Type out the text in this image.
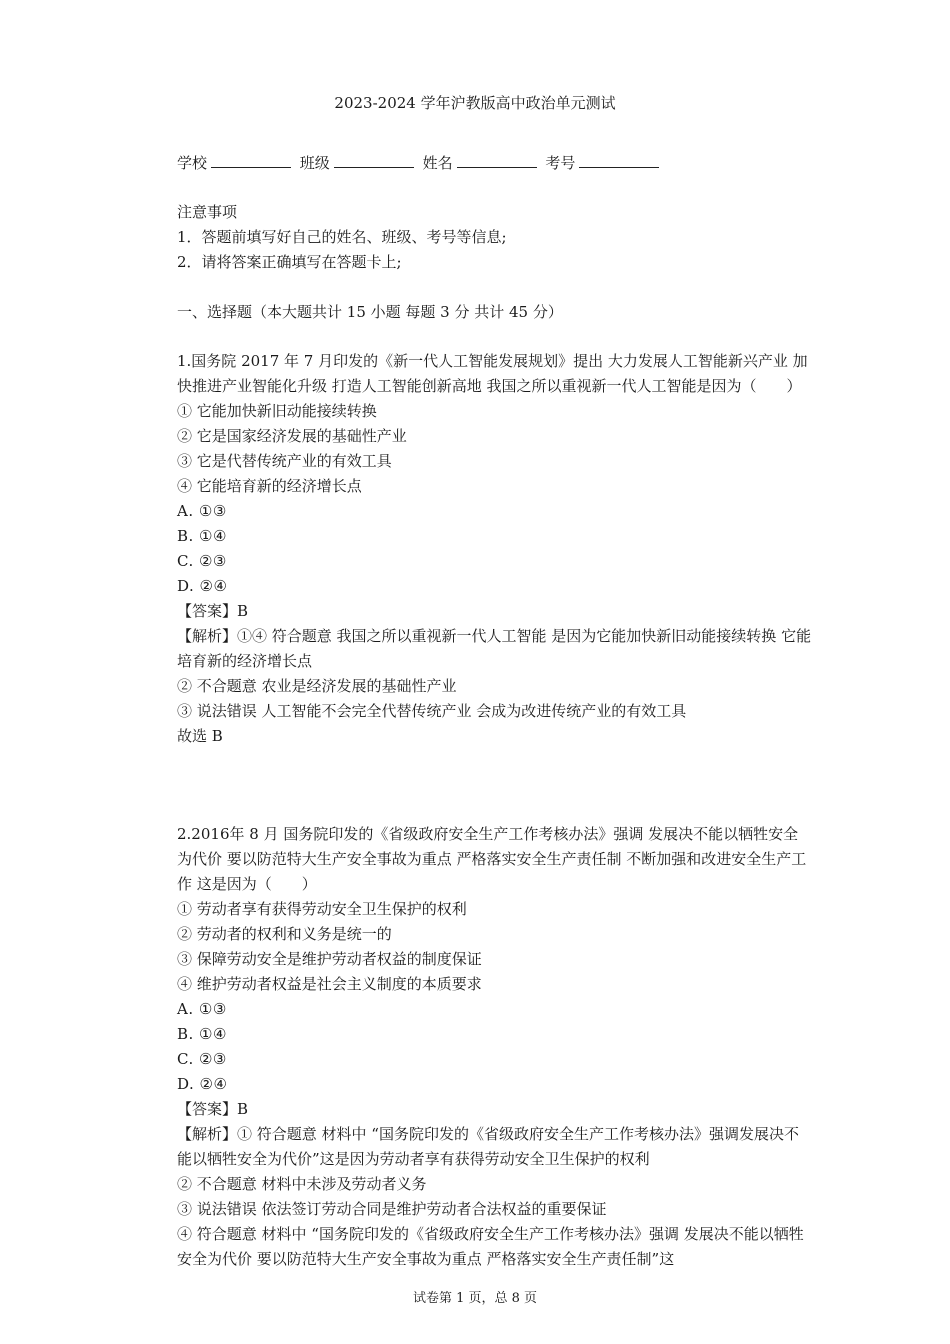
2023-2024 学年沪教版高中政治单元测试
学校	班级	姓名	考号

注意事项

1．答题前填写好自己的姓名、班级、考号等信息;

2．请将答案正确填写在答题卡上;

一、选择题（本大题共计 15 小题 每题 3 分 共计 45 分）

1.国务院 2017 年 7 月印发的《新一代人工智能发展规划》提出 大力发展人工智能新兴产业 加快推进产业智能化升级 打造人工智能创新高地 我国之所以重视新一代人工智能是因为（　　）

① 它能加快新旧动能接续转换

② 它是国家经济发展的基础性产业

③ 它是代替传统产业的有效工具

④ 它能培育新的经济增长点

A. ①③

B. ①④

C. ②③

D. ②④

【答案】B

【解析】①④ 符合题意 我国之所以重视新一代人工智能 是因为它能加快新旧动能接续转换 它能培育新的经济增长点

② 不合题意 农业是经济发展的基础性产业

③ 说法错误 人工智能不会完全代替传统产业 会成为改进传统产业的有效工具

故选 B

2.2016年 8 月 国务院印发的《省级政府安全生产工作考核办法》强调 发展决不能以牺牲安全为代价 要以防范特大生产安全事故为重点 严格落实安全生产责任制 不断加强和改进安全生产工作 这是因为（　　）

① 劳动者享有获得劳动安全卫生保护的权利

② 劳动者的权利和义务是统一的

③ 保障劳动安全是维护劳动者权益的制度保证

④ 维护劳动者权益是社会主义制度的本质要求

A. ①③

B. ①④

C. ②③

D. ②④

【答案】B

【解析】① 符合题意 材料中 “国务院印发的《省级政府安全生产工作考核办法》强调发展决不能以牺牲安全为代价”这是因为劳动者享有获得劳动安全卫生保护的权利

② 不合题意 材料中未涉及劳动者义务

③ 说法错误 依法签订劳动合同是维护劳动者合法权益的重要保证

④ 符合题意 材料中 “国务院印发的《省级政府安全生产工作考核办法》强调 发展决不能以牺牲安全为代价 要以防范特大生产安全事故为重点 严格落实安全生产责任制”这

试卷第 1 页，总 8 页
